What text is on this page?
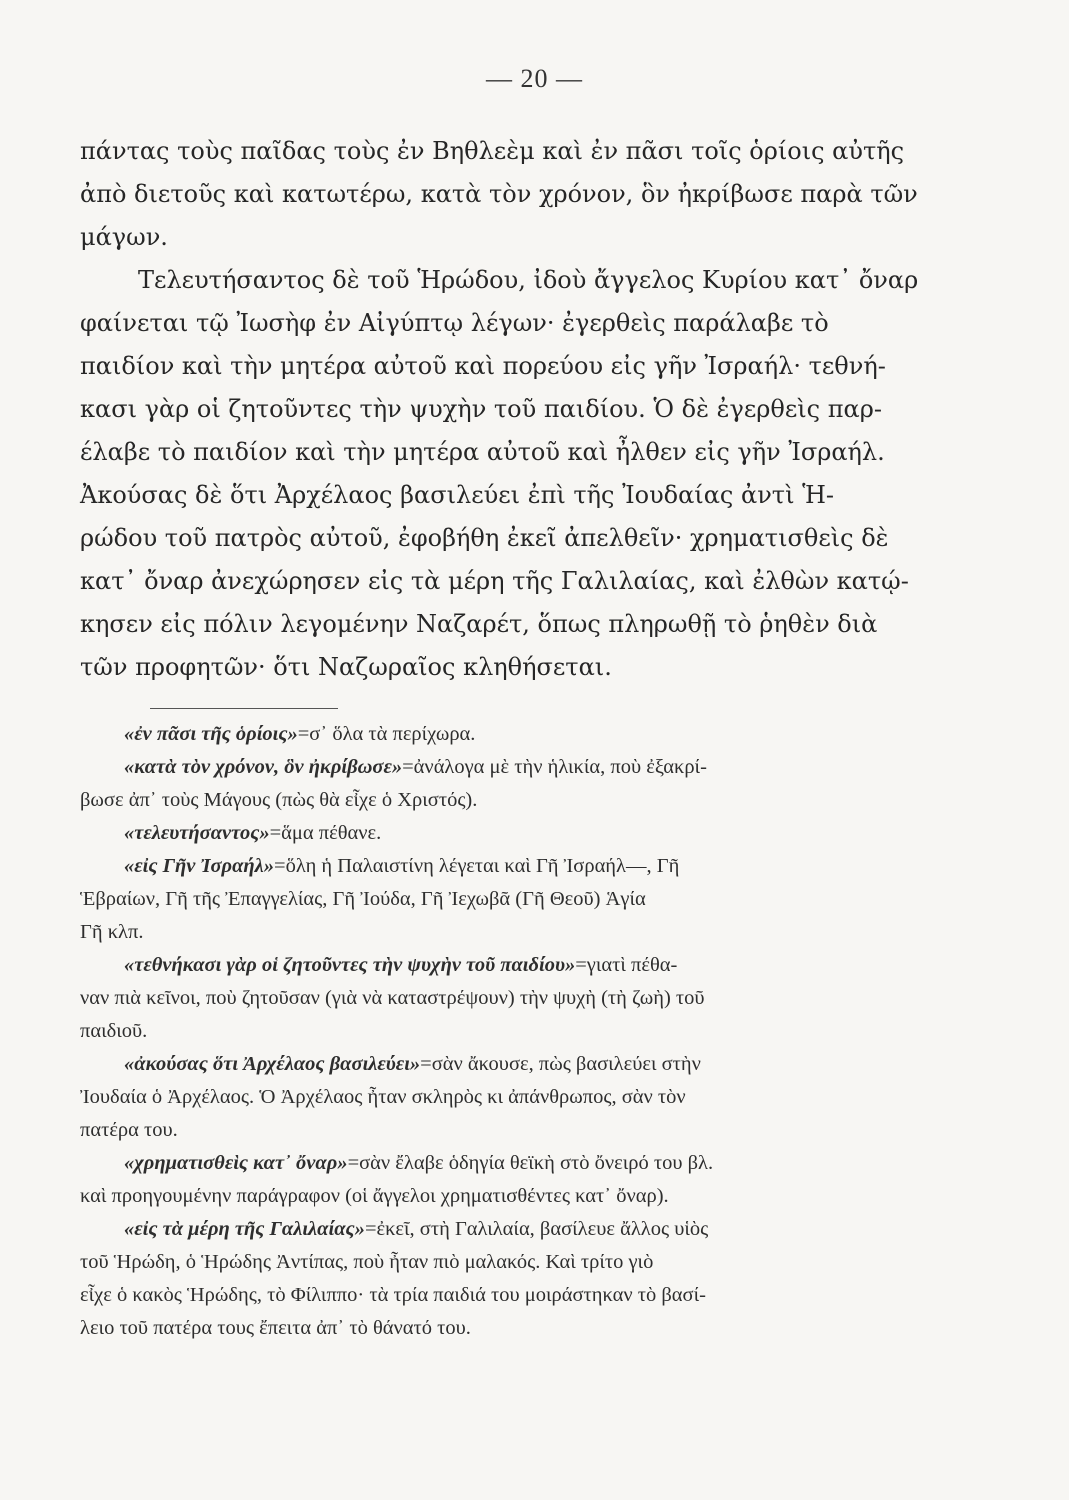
— 20 —
πάντας τοὺς παῖδας τοὺς ἐν Βηθλεὲμ καὶ ἐν πᾶσι τοῖς ὁρίοις αὐτῆς
ἀπὸ διετοῦς καὶ κατωτέρω, κατὰ τὸν χρόνον, ὃν ἠκρίβωσε παρὰ τῶν
μάγων.
Τελευτήσαντος δὲ τοῦ Ἡρώδου, ἰδοὺ ἄγγελος Κυρίου κατ᾽ ὄναρ
φαίνεται τῷ Ἰωσὴφ ἐν Αἰγύπτῳ λέγων· ἐγερθεὶς παράλαβε τὸ
παιδίον καὶ τὴν μητέρα αὐτοῦ καὶ πορεύου εἰς γῆν Ἰσραήλ· τεθνή-
κασι γὰρ οἱ ζητοῦντες τὴν ψυχὴν τοῦ παιδίου. Ὁ δὲ ἐγερθεὶς παρ-
έλαβε τὸ παιδίον καὶ τὴν μητέρα αὐτοῦ καὶ ἦλθεν εἰς γῆν Ἰσραήλ.
Ἀκούσας δὲ ὅτι Ἀρχέλαος βασιλεύει ἐπὶ τῆς Ἰουδαίας ἀντὶ Ἡ-
ρώδου τοῦ πατρὸς αὐτοῦ, ἐφοβήθη ἐκεῖ ἀπελθεῖν· χρηματισθεὶς δὲ
κατ᾽ ὄναρ ἀνεχώρησεν εἰς τὰ μέρη τῆς Γαλιλαίας, καὶ ἐλθὼν κατῴ-
κησεν εἰς πόλιν λεγομένην Ναζαρέτ, ὅπως πληρωθῇ τὸ ῥηθὲν διὰ
τῶν προφητῶν· ὅτι Ναζωραῖος κληθήσεται.
«ἐν πᾶσι τῆς ὁρίοις»=σ᾽ ὅλα τὰ περίχωρα.
«κατὰ τὸν χρόνον, ὃν ἠκρίβωσε»=ἀνάλογα μὲ τὴν ἡλικία, ποὺ ἐξακρί-
βωσε ἀπ᾽ τοὺς Μάγους (πὼς θὰ εἶχε ὁ Χριστός).
«τελευτήσαντος»=ἅμα πέθανε.
«εἰς Γῆν Ἰσραήλ»=ὅλη ἡ Παλαιστίνη λέγεται καὶ Γῆ Ἰσραήλ—, Γῆ
Ἑβραίων, Γῆ τῆς Ἐπαγγελίας, Γῆ Ἰούδα, Γῆ Ἰεχωβᾶ (Γῆ Θεοῦ) Ἁγία
Γῆ κλπ.
«τεθνήκασι γὰρ οἱ ζητοῦντες τὴν ψυχὴν τοῦ παιδίου»=γιατὶ πέθα-
ναν πιὰ κεῖνοι, ποὺ ζητοῦσαν (γιὰ νὰ καταστρέψουν) τὴν ψυχὴ (τὴ ζωὴ) τοῦ
παιδιοῦ.
«ἀκούσας ὅτι Ἀρχέλαος βασιλεύει»=σὰν ἄκουσε, πὼς βασιλεύει στὴν
Ἰουδαία ὁ Ἀρχέλαος. Ὁ Ἀρχέλαος ἦταν σκληρὸς κι ἀπάνθρωπος, σὰν τὸν
πατέρα του.
«χρηματισθεὶς κατ᾽ ὄναρ»=σὰν ἔλαβε ὁδηγία θεϊκὴ στὸ ὄνειρό του βλ.
καὶ προηγουμένην παράγραφον (οἱ ἄγγελοι χρηματισθέντες κατ᾽ ὄναρ).
«εἰς τὰ μέρη τῆς Γαλιλαίας»=ἐκεῖ, στὴ Γαλιλαία, βασίλευε ἄλλος υἱὸς
τοῦ Ἡρώδη, ὁ Ἡρώδης Ἀντίπας, ποὺ ἦταν πιὸ μαλακός. Καὶ τρίτο γιὸ
εἶχε ὁ κακὸς Ἡρώδης, τὸ Φίλιππο· τὰ τρία παιδιά του μοιράστηκαν τὸ βασί-
λειο τοῦ πατέρα τους ἔπειτα ἀπ᾽ τὸ θάνατό του.
